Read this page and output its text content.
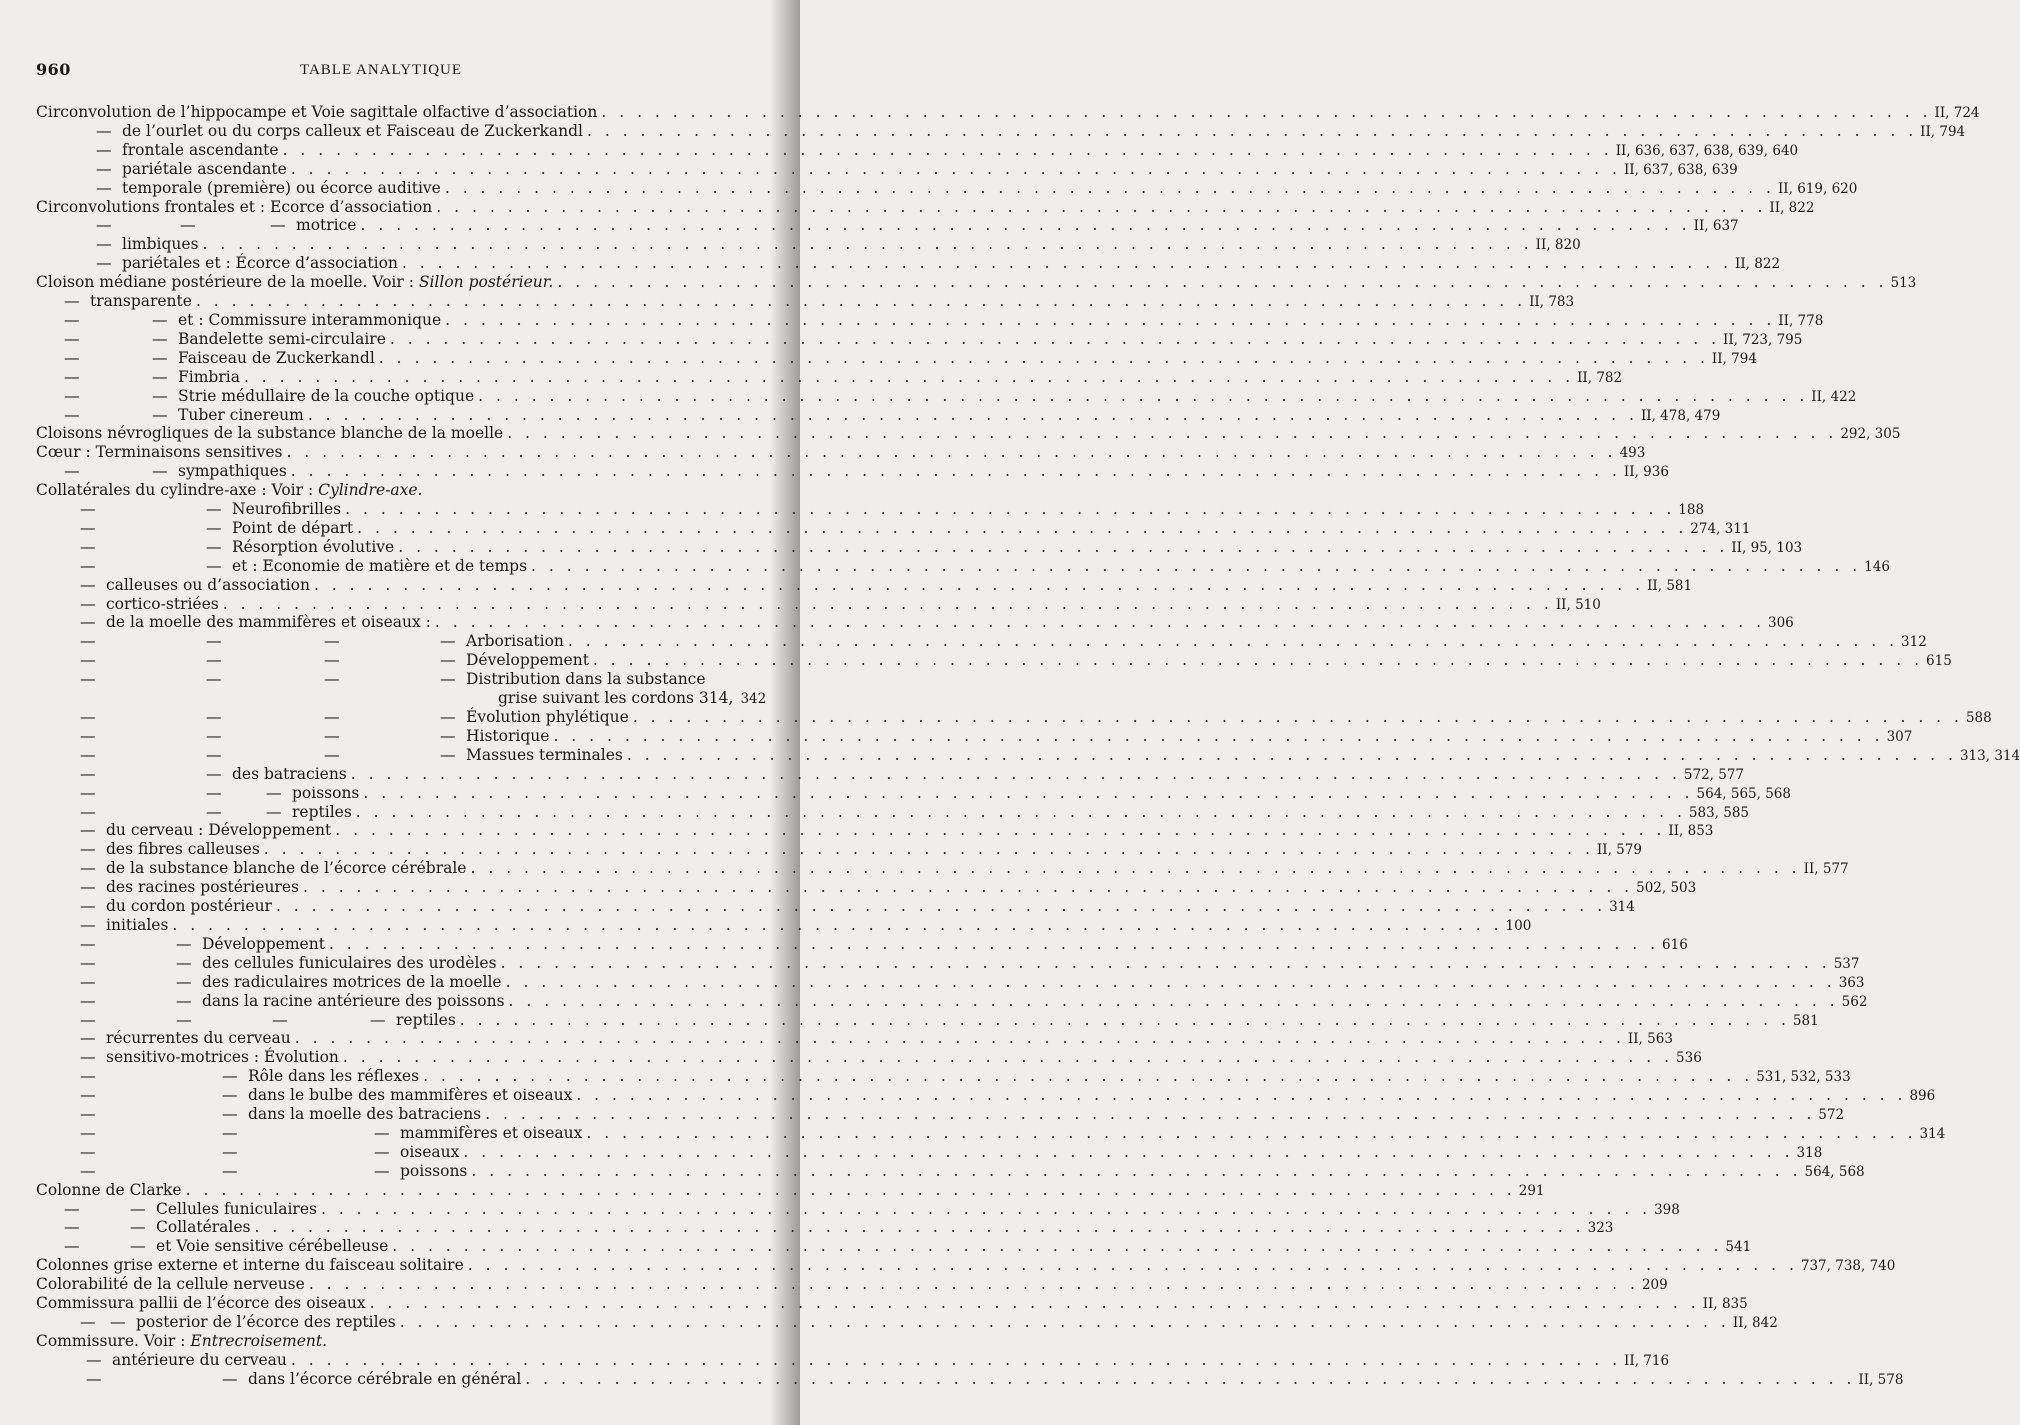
960	TABLE ANALYTIQUE
Circonvolution de l’hippocampe et Voie sagittale olfactive d’association . . .	II, 724
— de l’ourlet ou du corps calleux et Faisceau de Zuckerkandl . . .	II, 794
— frontale ascendante . . .	II, 636, 637, 638, 639, 640
— pariétale ascendante . . .	II, 637, 638, 639
— temporale (première) ou écorce auditive . . .	II, 619, 620
Circonvolutions frontales et : Ecorce d’association . . .	II, 822
—	—	— motrice . . .	II, 637
— limbiques . . .	II, 820
— pariétales et : Écorce d’association . . .	II, 822
Cloison médiane postérieure de la moelle. Voir : Sillon postérieur. . . .	513
— transparente . . .	II, 783
—	— et : Commissure interammonique . . .	II, 778
—	— Bandelette semi-circulaire . . .	II, 723, 795
—	— Faisceau de Zuckerkandl . . .	II, 794
—	— Fimbria . . .	II, 782
—	— Strie médullaire de la couche optique . . .	II, 422
—	— Tuber cinereum . . .	II, 478, 479
Cloisons névrogliques de la substance blanche de la moelle . . .	292, 305
Cœur : Terminaisons sensitives . . .	493
—	— sympathiques . . .	II, 936
Collatérales du cylindre-axe : Voir : Cylindre-axe.
—	— Neurofibrilles . . .	188
—	— Point de départ . . .	274, 311
—	— Résorption évolutive . . .	II, 95, 103
—	— et : Economie de matière et de temps . . .	146
— calleuses ou d’association . . .	II, 581
— cortico-striées . . .	II, 510
— de la moelle des mammifères et oiseaux : . . .	306
—	—	—	— Arborisation . . .	312
—	—	—	— Développement . . .	615
—	—	—	— Distribution dans la substance
grise suivant les cordons 314, 342
—	—	—	— Évolution phylétique . . .	588
—	—	—	— Historique . . .	307
—	—	—	— Massues terminales . . .	313, 314
—	— des batraciens . . .	572, 577
—	—	— poissons . . .	564, 565, 568
—	—	— reptiles . . .	583, 585
— du cerveau : Développement . . .	II, 853
— des fibres calleuses . . .	II, 579
— de la substance blanche de l’écorce cérébrale . . .	II, 577
— des racines postérieures . . .	502, 503
— du cordon postérieur . . .	314
— initiales . . .	100
—	— Développement . . .	616
—	— des cellules funiculaires des urodèles . . .	537
—	— des radiculaires motrices de la moelle . . .	363
—	— dans la racine antérieure des poissons . . .	562
—	—	—	— reptiles . . .	581
— récurrentes du cerveau . . .	II, 563
— sensitivo-motrices : Évolution . . .	536
—	— Rôle dans les réflexes . . .	531, 532, 533
—	— dans le bulbe des mammifères et oiseaux . . .	896
—	— dans la moelle des batraciens . . .	572
—	—	— mammifères et oiseaux . . .	314
—	—	— oiseaux . . .	318
—	—	— poissons . . .	564, 568
Colonne de Clarke . . .	291
—	— Cellules funiculaires . . .	398
—	— Collatérales . . .	323
—	— et Voie sensitive cérébelleuse . . .	541
Colonnes grise externe et interne du faisceau solitaire . . .	737, 738, 740
Colorabilité de la cellule nerveuse . . .	209
Commissura pallii de l’écorce des oiseaux . . .	II, 835
— — posterior de l’écorce des reptiles . . .	II, 842
Commissure. Voir : Entrecroisement.
— antérieure du cerveau . . .	II, 716
—	— dans l’écorce cérébrale en général . . .	II, 578
